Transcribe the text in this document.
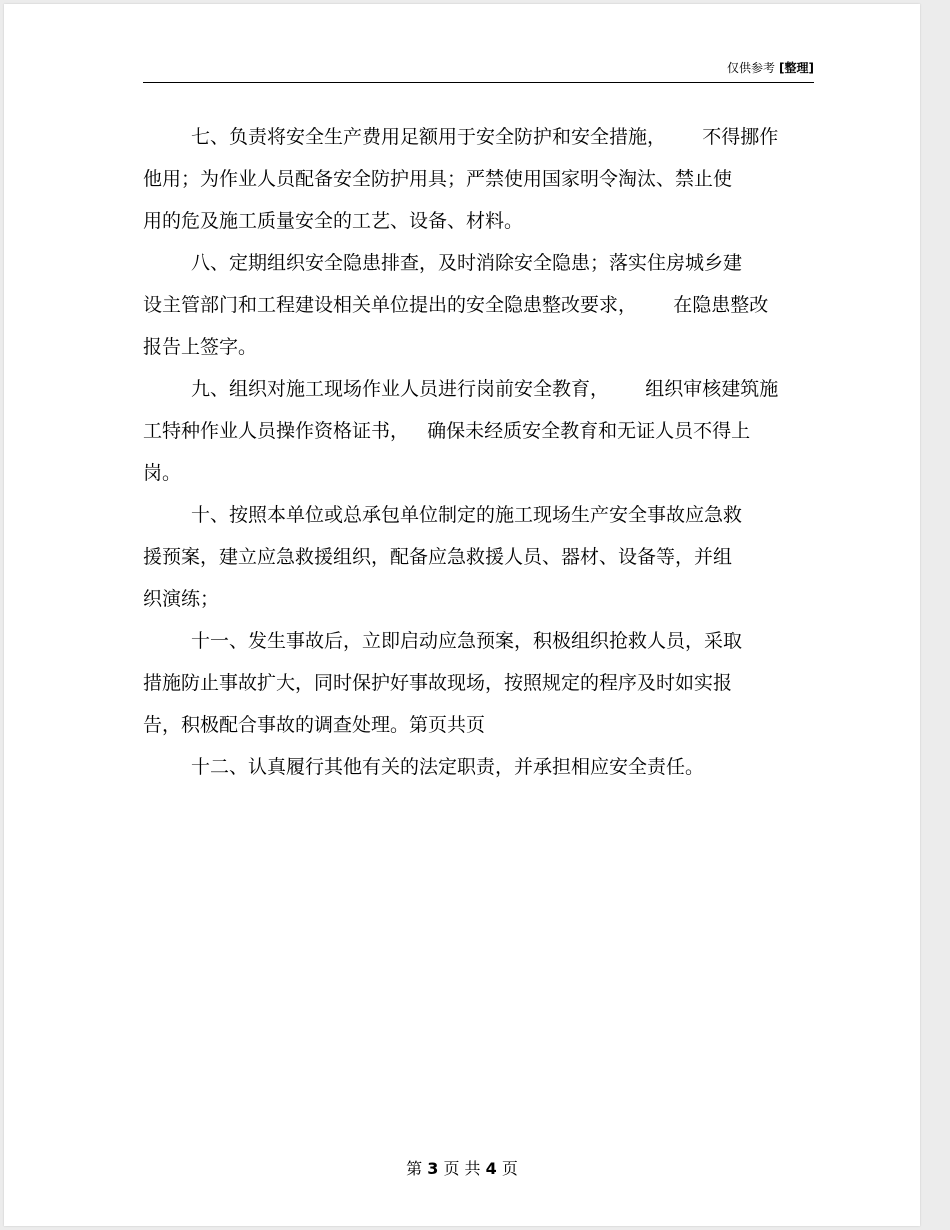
仅供参考 [整理]
七、负责将安全生产费用足额用于安全防护和安全措施，      不得挪作
他用；为作业人员配备安全防护用具；严禁使用国家明令淘汰、禁止使
用的危及施工质量安全的工艺、设备、材料。
八、定期组织安全隐患排查，及时消除安全隐患；落实住房城乡建
设主管部门和工程建设相关单位提出的安全隐患整改要求，      在隐患整改
报告上签字。
九、组织对施工现场作业人员进行岗前安全教育，      组织审核建筑施
工特种作业人员操作资格证书，   确保未经质安全教育和无证人员不得上
岗。
十、按照本单位或总承包单位制定的施工现场生产安全事故应急救
援预案，建立应急救援组织，配备应急救援人员、器材、设备等，并组
织演练；
十一、发生事故后，立即启动应急预案，积极组织抢救人员，采取
措施防止事故扩大，同时保护好事故现场，按照规定的程序及时如实报
告，积极配合事故的调查处理。第页共页
十二、认真履行其他有关的法定职责，并承担相应安全责任。
第 3 页 共 4 页
